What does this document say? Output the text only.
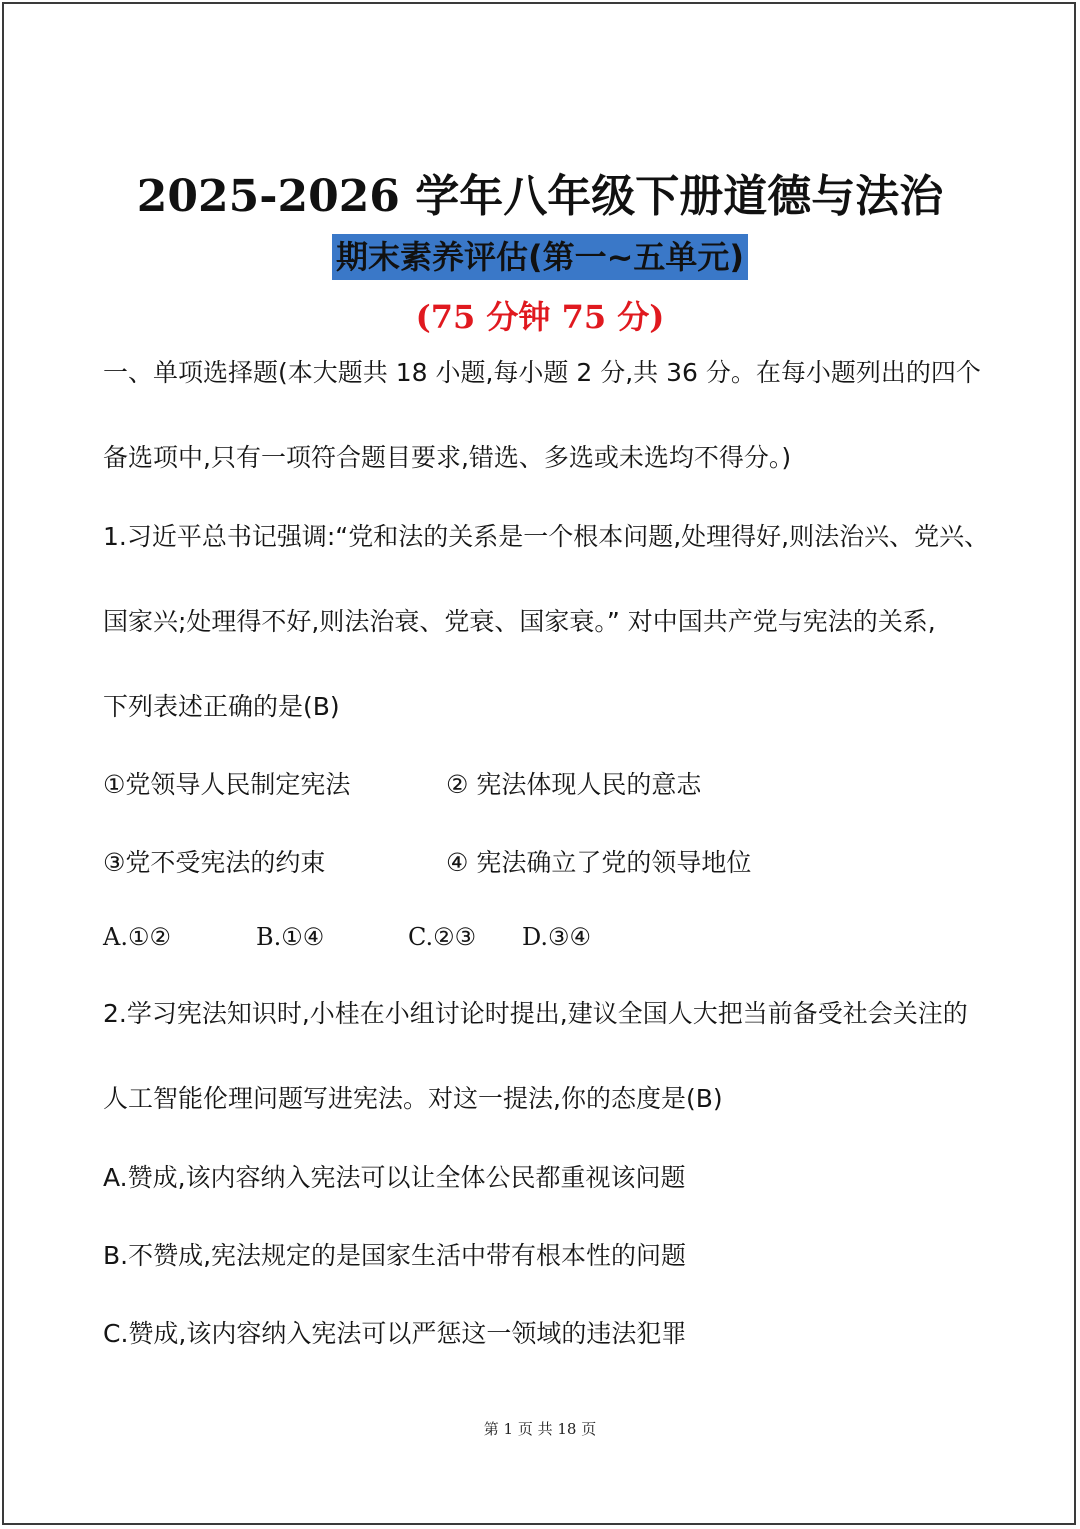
2025-2026 学年八年级下册道德与法治
期末素养评估(第一~五单元)
(75 分钟 75 分)
一、单项选择题(本大题共 18 小题,每小题 2 分,共 36 分。在每小题列出的四个
备选项中,只有一项符合题目要求,错选、多选或未选均不得分。)
1.习近平总书记强调:“党和法的关系是一个根本问题,处理得好,则法治兴、党兴、
国家兴;处理得不好,则法治衰、党衰、国家衰。” 对中国共产党与宪法的关系,
下列表述正确的是(B)
①党领导人民制定宪法	② 宪法体现人民的意志
③党不受宪法的约束	④ 宪法确立了党的领导地位
A.①②	B.①④	C.②③ D.③④
2.学习宪法知识时,小桂在小组讨论时提出,建议全国人大把当前备受社会关注的
人工智能伦理问题写进宪法。对这一提法,你的态度是(B)
A.赞成,该内容纳入宪法可以让全体公民都重视该问题
B.不赞成,宪法规定的是国家生活中带有根本性的问题
C.赞成,该内容纳入宪法可以严惩这一领域的违法犯罪
第 1 页 共 18 页
